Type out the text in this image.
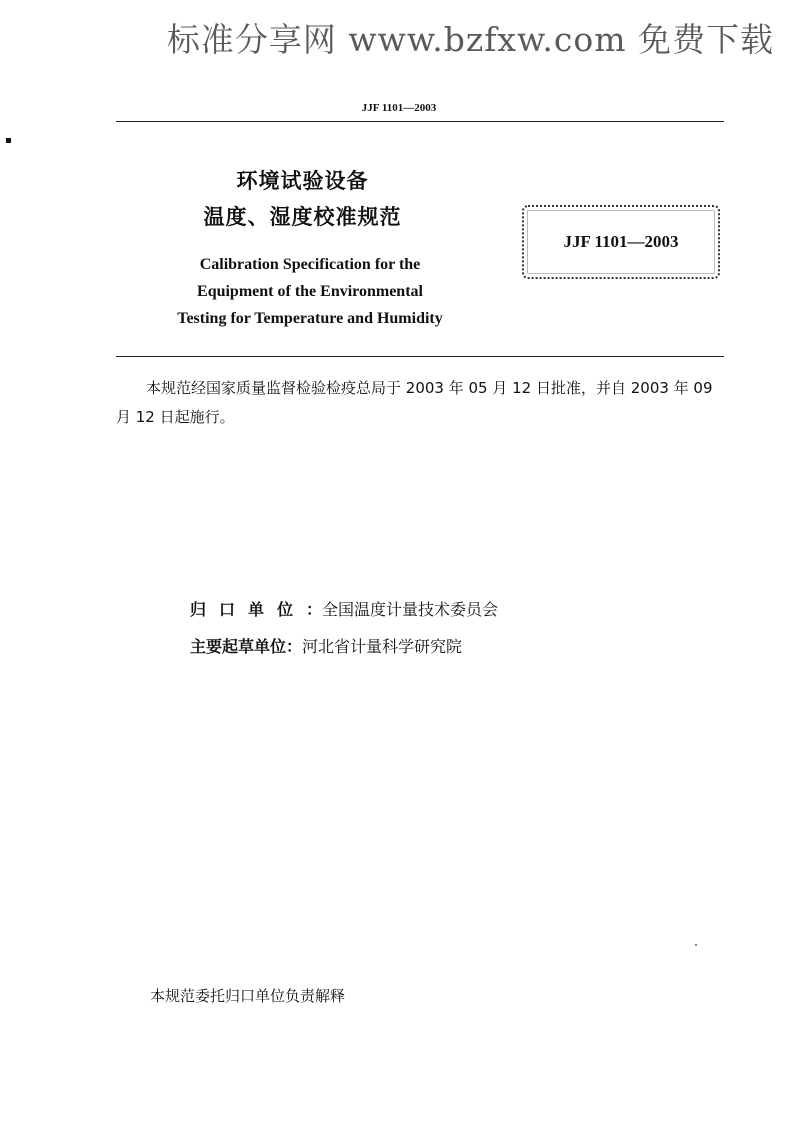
标准分享网 www.bzfxw.com 免费下载
JJF 1101—2003
环境试验设备
温度、湿度校准规范
Calibration Specification for the
Equipment of the Environmental
Testing for Temperature and Humidity
JJF 1101—2003
本规范经国家质量监督检验检疫总局于 2003 年 05 月 12 日批准，并自 2003 年 09 月 12 日起施行。
归口单位：全国温度计量技术委员会
主要起草单位：河北省计量科学研究院
本规范委托归口单位负责解释
